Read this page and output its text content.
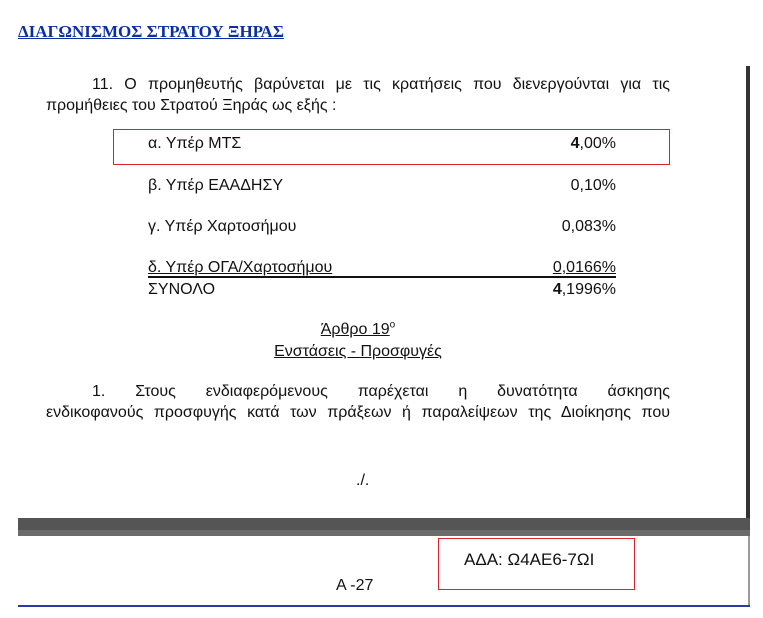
ΔΙΑΓΩΝΙΣΜΟΣ ΣΤΡΑΤΟΥ ΞΗΡΑΣ
11. Ο προμηθευτής βαρύνεται με τις κρατήσεις που διενεργούνται για τις
προμήθειες του Στρατού Ξηράς ως εξής :
α. Υπέρ ΜΤΣ	4,00%
β. Υπέρ ΕΑΑΔΗΣΥ	0,10%
γ. Υπέρ Χαρτοσήμου	0,083%
δ. Υπέρ ΟΓΑ/Χαρτοσήμου	0,0166%
ΣΥΝΟΛΟ	4,1996%
Άρθρο $19^o$
Ενστάσεις - Προσφυγές
1. Στους ενδιαφερόμενους παρέχεται η δυνατότητα άσκησης
ενδικοφανούς προσφυγής κατά των πράξεων ή παραλείψεων της Διοίκησης που
./.
ΑΔΑ: Ω4ΑΕ6-7ΩΙ
Α -27
